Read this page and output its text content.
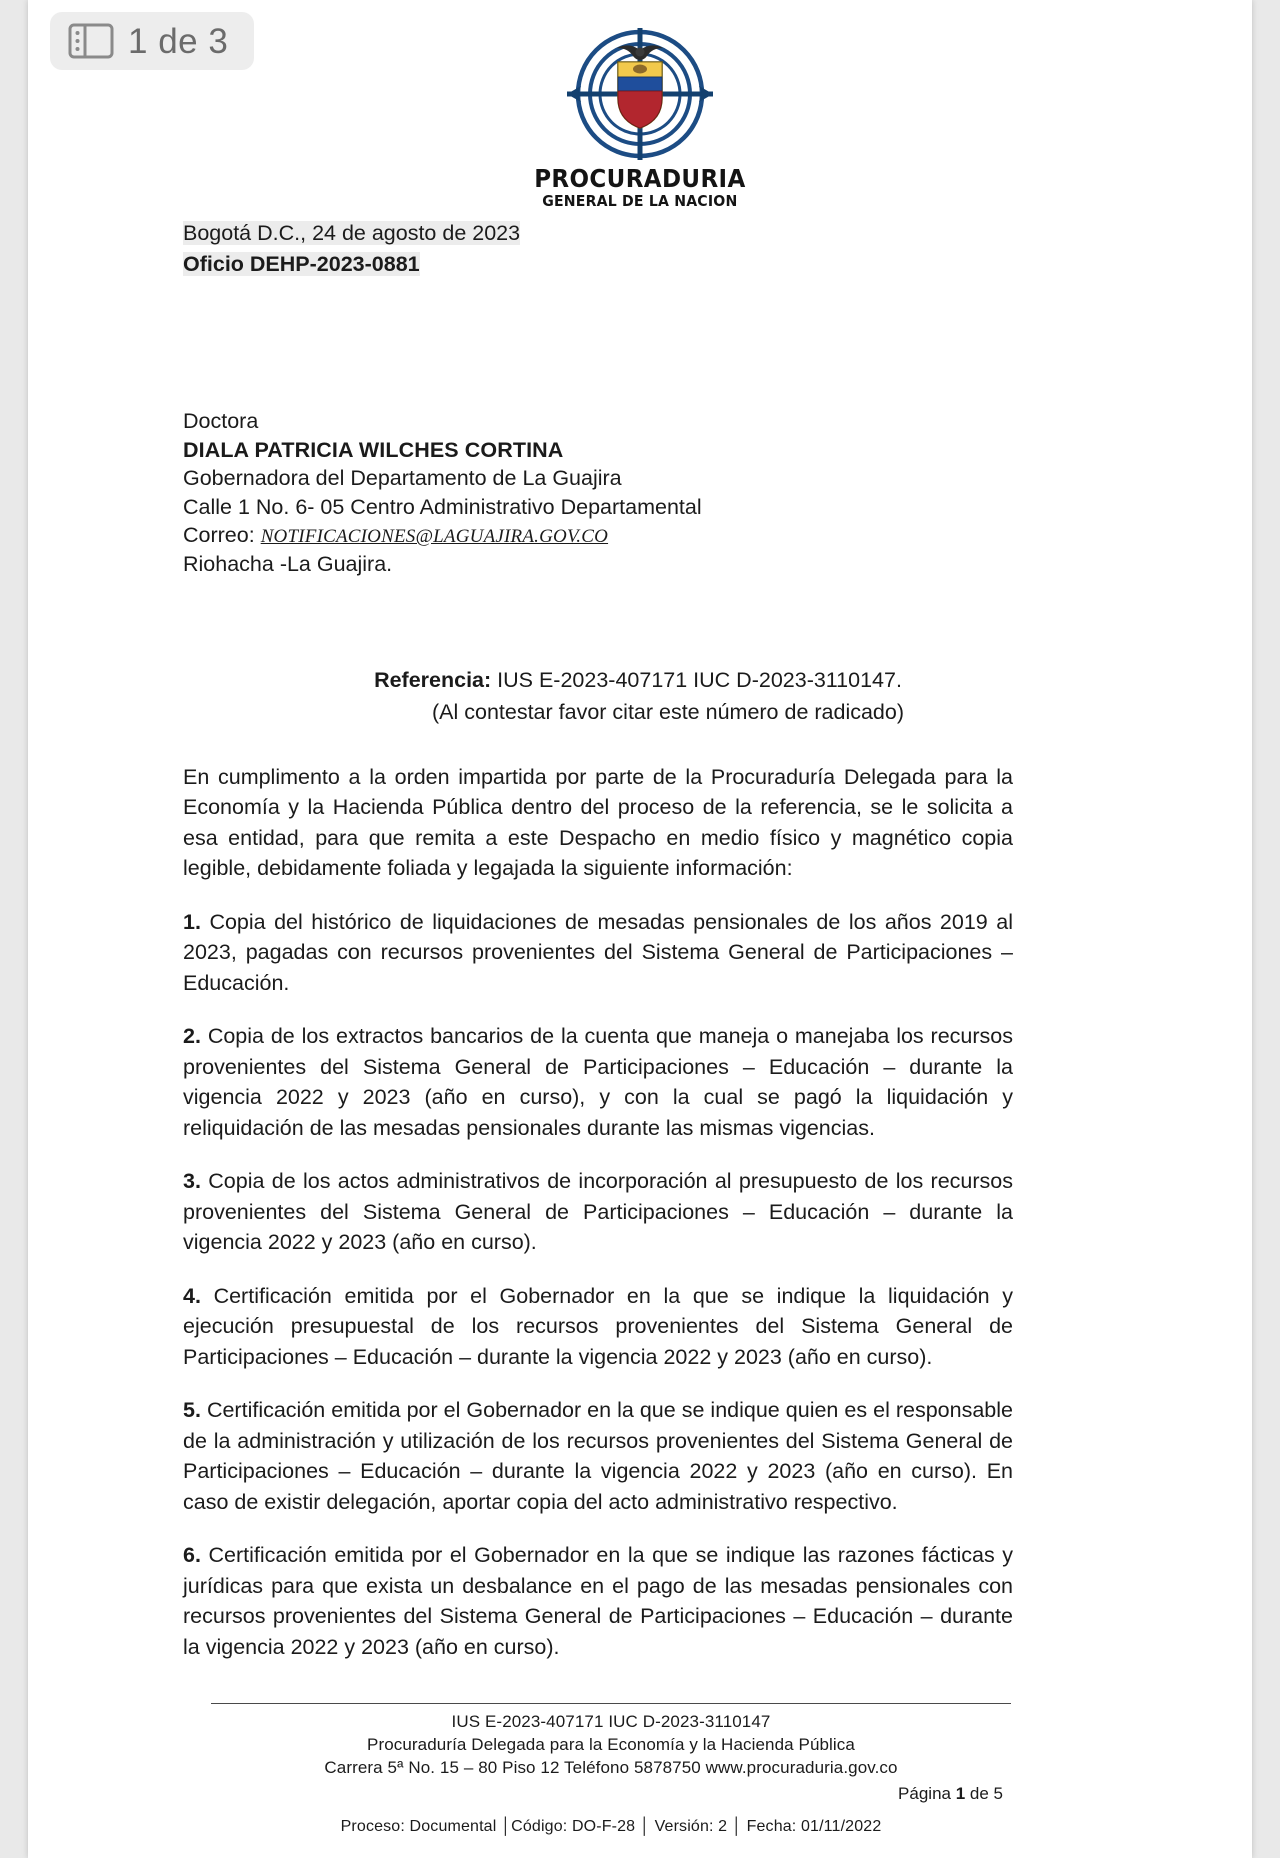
PROCURADURIA
GENERAL DE LA NACION
Bogotá D.C., 24 de agosto de 2023
Oficio DEHP-2023-0881
Doctora
DIALA PATRICIA WILCHES CORTINA
Gobernadora del Departamento de La Guajira
Calle 1 No. 6- 05 Centro Administrativo Departamental
Correo: NOTIFICACIONES@LAGUAJIRA.GOV.CO
Riohacha -La Guajira.
Referencia: IUS E-2023-407171 IUC D-2023-3110147.
(Al contestar favor citar este número de radicado)
En cumplimento a la orden impartida por parte de la Procuraduría Delegada para la Economía y la Hacienda Pública dentro del proceso de la referencia, se le solicita a esa entidad, para que remita a este Despacho en medio físico y magnético copia legible, debidamente foliada y legajada la siguiente información:
1. Copia del histórico de liquidaciones de mesadas pensionales de los años 2019 al 2023, pagadas con recursos provenientes del Sistema General de Participaciones – Educación.
2. Copia de los extractos bancarios de la cuenta que maneja o manejaba los recursos provenientes del Sistema General de Participaciones – Educación – durante la vigencia 2022 y 2023 (año en curso), y con la cual se pagó la liquidación y reliquidación de las mesadas pensionales durante las mismas vigencias.
3. Copia de los actos administrativos de incorporación al presupuesto de los recursos provenientes del Sistema General de Participaciones – Educación – durante la vigencia 2022 y 2023 (año en curso).
4. Certificación emitida por el Gobernador en la que se indique la liquidación y ejecución presupuestal de los recursos provenientes del Sistema General de Participaciones – Educación – durante la vigencia 2022 y 2023 (año en curso).
5. Certificación emitida por el Gobernador en la que se indique quien es el responsable de la administración y utilización de los recursos provenientes del Sistema General de Participaciones – Educación – durante la vigencia 2022 y 2023 (año en curso). En caso de existir delegación, aportar copia del acto administrativo respectivo.
6. Certificación emitida por el Gobernador en la que se indique las razones fácticas y jurídicas para que exista un desbalance en el pago de las mesadas pensionales con recursos provenientes del Sistema General de Participaciones – Educación – durante la vigencia 2022 y 2023 (año en curso).
IUS E-2023-407171 IUC D-2023-3110147
Procuraduría Delegada para la Economía y la Hacienda Pública
Carrera 5ª No. 15 – 80 Piso 12 Teléfono 5878750 www.procuraduria.gov.co
Página 1 de 5
Proceso: Documental │Código: DO-F-28 │ Versión: 2 │ Fecha: 01/11/2022
1 de 3
